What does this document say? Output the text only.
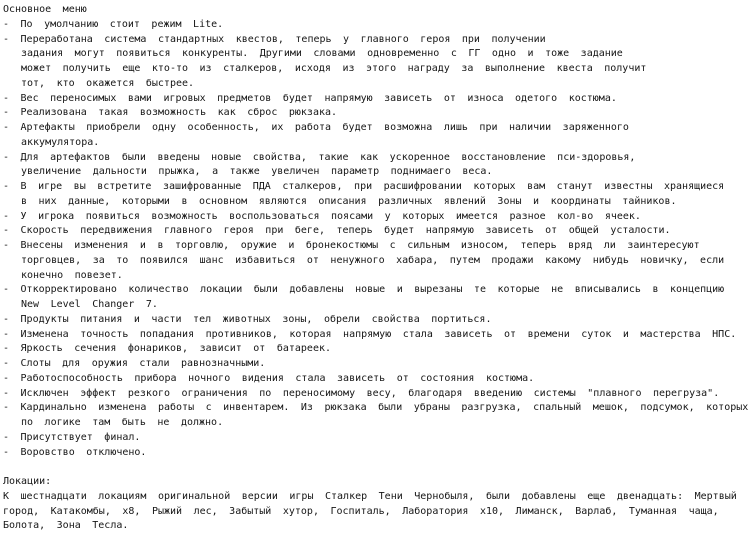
Основное меню
- По умолчанию стоит режим Lite.
- Переработана система стандартных квестов, теперь у главного героя при получении
задания могут появиться конкуренты. Другими словами одновременно с ГГ одно и тоже задание
может получить еще кто-то из сталкеров, исходя из этого награду за выполнение квеста получит
тот, кто окажется быстрее.
- Вес переносимых вами игровых предметов будет напрямую зависеть от износа одетого костюма.
- Реализована такая возможность как сброс рюкзака.
- Артефакты приобрели одну особенность, их работа будет возможна лишь при наличии заряженного
аккумулятора.
- Для артефактов были введены новые свойства, такие как ускоренное восстановление пси-здоровья,
увеличение дальности прыжка, а также увеличен параметр поднимаего веса.
- В игре вы встретите зашифрованные ПДА сталкеров, при расшифровании которых вам станут известны хранящиеся
в них данные, которыми в основном являются описания различных явлений Зоны и координаты тайников.
- У игрока появиться возможность воспользоваться поясами у которых имеется разное кол-во ячеек.
- Скорость передвижения главного героя при беге, теперь будет напрямую зависеть от общей усталости.
- Внесены изменения и в торговлю, оружие и бронекостюмы с сильным износом, теперь вряд ли заинтересуют
торговцев, за то появился шанс избавиться от ненужного хабара, путем продажи какому нибудь новичку, если
конечно повезет.
- Откорректировано количество локации были добавлены новые и вырезаны те которые не вписывались в концепцию
New Level Changer 7.
- Продукты питания и части тел животных зоны, обрели свойства портиться.
- Изменена точность попадания противников, которая напрямую стала зависеть от времени суток и мастерства НПС.
- Яркость сечения фонариков, зависит от батареек.
- Слоты для оружия стали равнозначными.
- Работоспособность прибора ночного видения стала зависеть от состояния костюма.
- Исключен эффект резкого ограничения по переносимому весу, благодаря введению системы "плавного перегруза".
- Кардинально изменена работы с инвентарем. Из рюкзака были убраны разгрузка, спальный мешок, подсумок, которых
по логике там быть не должно.
- Присутствует финал.
- Воровство отключено.
Локации:
К шестнадцати локациям оригинальной версии игры Сталкер Тени Чернобыля, были добавлены еще двенадцать: Мертвый
город, Катакомбы, х8, Рыжий лес, Забытый хутор, Госпиталь, Лаборатория х10, Лиманск, Варлаб, Туманная чаща,
Болота, Зона Тесла.
